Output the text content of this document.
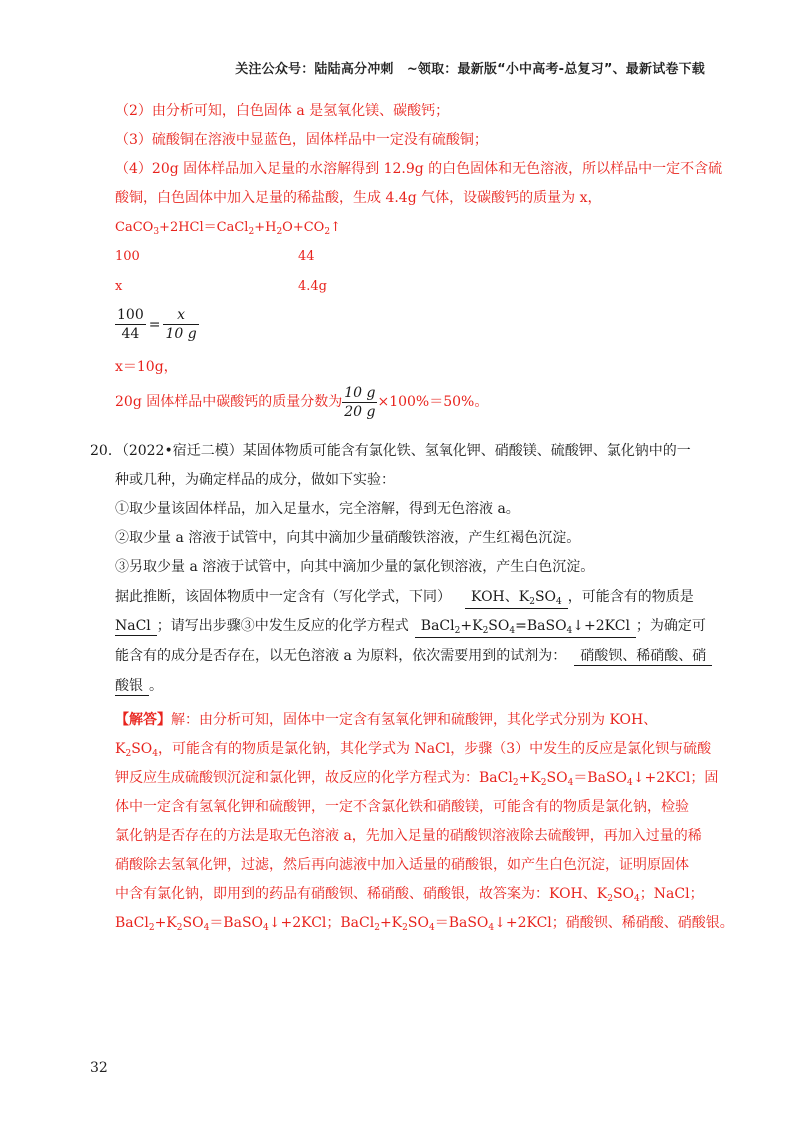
关注公众号：陆陆高分冲刺　~领取：最新版“小中高考-总复习”、最新试卷下载
（2）由分析可知，白色固体 a 是氢氧化镁、碳酸钙；
（3）硫酸铜在溶液中显蓝色，固体样品中一定没有硫酸铜；
（4）20g 固体样品加入足量的水溶解得到 12.9g 的白色固体和无色溶液，所以样品中一定不含硫
酸铜，白色固体中加入足量的稀盐酸，生成 4.4g 气体，设碳酸钙的质量为 x，
$CaCO_3+2HCl=CaCl_2+H_2O+CO_2↑$
100	44
x	4.4g
$\frac{100}{44} = \frac{x}{10 g}$
x＝10g，
20g 固体样品中碳酸钙的质量分数为 $\frac{10 g}{20 g} \times 100\%=50\%$。
20．（2022•宿迁二模）某固体物质可能含有氯化铁、氢氧化钾、硝酸镁、硫酸钾、氯化钠中的一
种或几种，为确定样品的成分，做如下实验：
①取少量该固体样品，加入足量水，完全溶解，得到无色溶液 a。
②取少量 a 溶液于试管中，向其中滴加少量硝酸铁溶液，产生红褐色沉淀。
③另取少量 a 溶液于试管中，向其中滴加少量的氯化钡溶液，产生白色沉淀。
据此推断，该固体物质中一定含有（写化学式，下同） KOH、$K_2SO_4$ ，可能含有的物质是
NaCl ；请写出步骤③中发生反应的化学方程式 $BaCl_2+K_2SO_4=BaSO_4↓+2KCl$ ；为确定可
能含有的成分是否存在，以无色溶液 a 为原料，依次需要用到的试剂为： 硝酸钡、稀硝酸、硝
酸银 。
【解答】解：由分析可知，固体中一定含有氢氧化钾和硫酸钾，其化学式分别为 KOH、
$K_2SO_4$，可能含有的物质是氯化钠，其化学式为 NaCl，步骤（3）中发生的反应是氯化钡与硫酸
钾反应生成硫酸钡沉淀和氯化钾，故反应的化学方程式为：$BaCl_2+K_2SO_4=BaSO_4↓+2KCl$；固
体中一定含有氢氧化钾和硫酸钾，一定不含氯化铁和硝酸镁，可能含有的物质是氯化钠，检验
氯化钠是否存在的方法是取无色溶液 a，先加入足量的硝酸钡溶液除去硫酸钾，再加入过量的稀
硝酸除去氢氧化钾，过滤，然后再向滤液中加入适量的硝酸银，如产生白色沉淀，证明原固体
中含有氯化钠，即用到的药品有硝酸钡、稀硝酸、硝酸银，故答案为：KOH、$K_2SO_4$；NaCl；
$BaCl_2+K_2SO_4=BaSO_4↓+2KCl$；$BaCl_2+K_2SO_4=BaSO_4↓+2KCl$；硝酸钡、稀硝酸、硝酸银。
32
